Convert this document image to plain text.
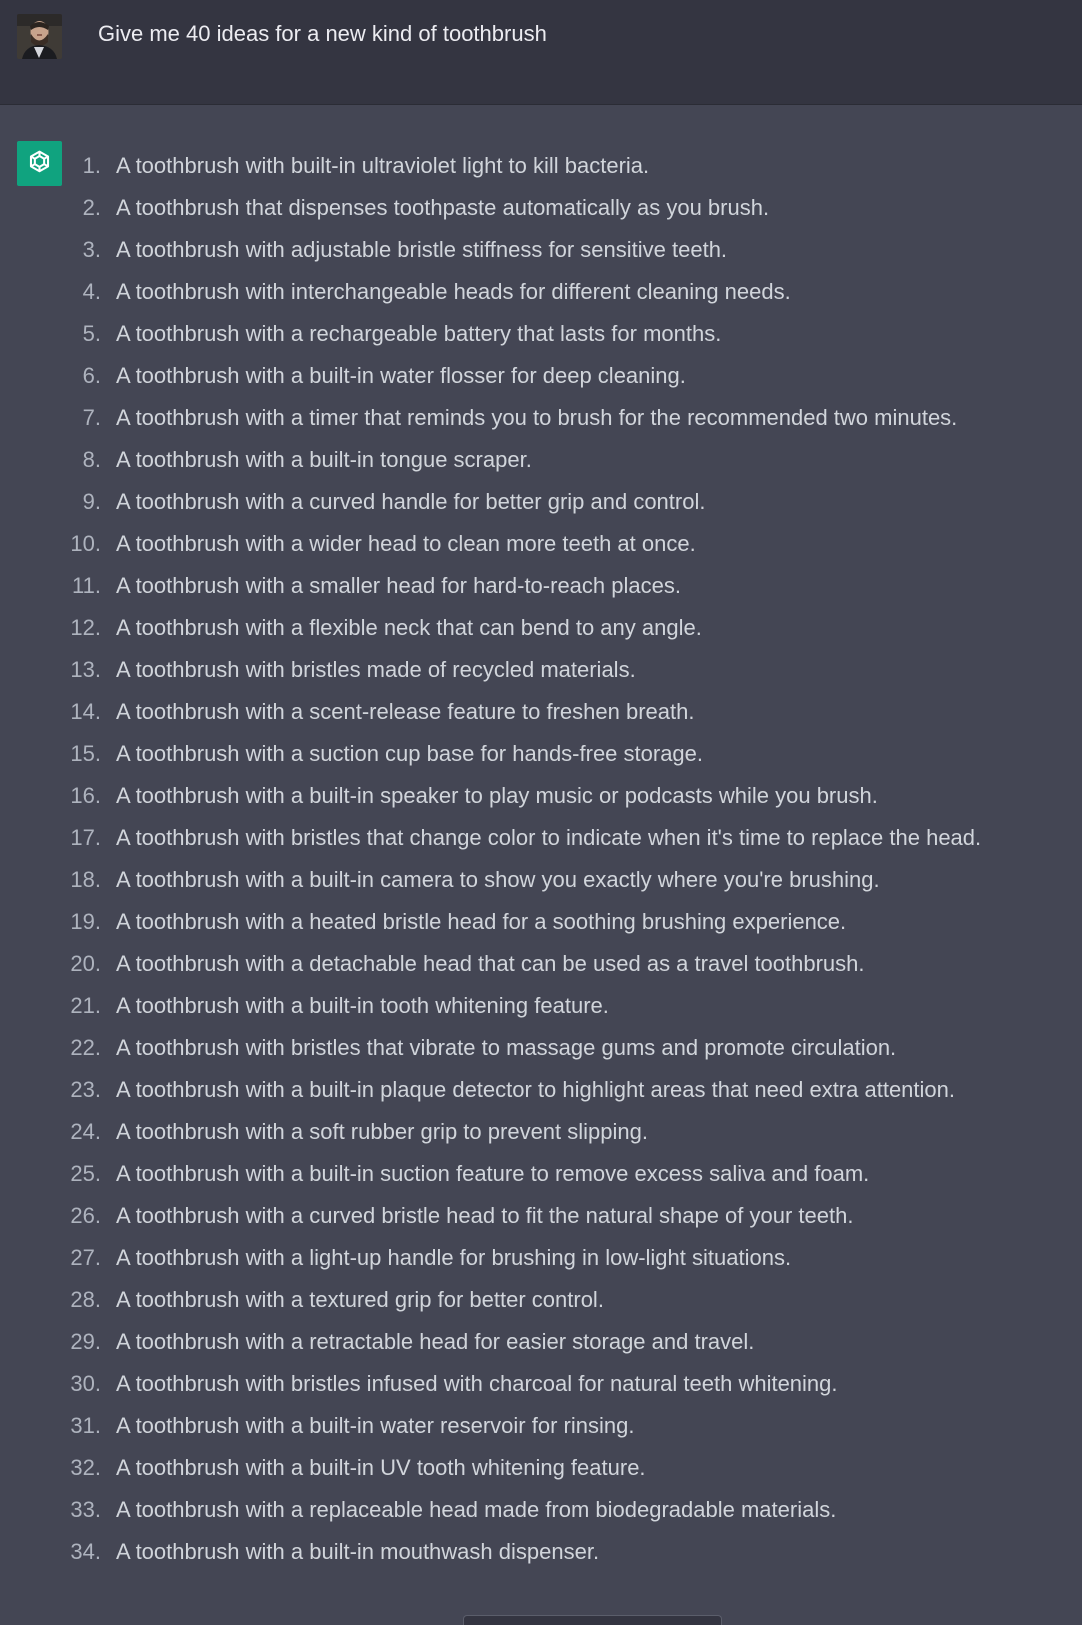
Give me 40 ideas for a new kind of toothbrush
1. A toothbrush with built-in ultraviolet light to kill bacteria.
2. A toothbrush that dispenses toothpaste automatically as you brush.
3. A toothbrush with adjustable bristle stiffness for sensitive teeth.
4. A toothbrush with interchangeable heads for different cleaning needs.
5. A toothbrush with a rechargeable battery that lasts for months.
6. A toothbrush with a built-in water flosser for deep cleaning.
7. A toothbrush with a timer that reminds you to brush for the recommended two minutes.
8. A toothbrush with a built-in tongue scraper.
9. A toothbrush with a curved handle for better grip and control.
10. A toothbrush with a wider head to clean more teeth at once.
11. A toothbrush with a smaller head for hard-to-reach places.
12. A toothbrush with a flexible neck that can bend to any angle.
13. A toothbrush with bristles made of recycled materials.
14. A toothbrush with a scent-release feature to freshen breath.
15. A toothbrush with a suction cup base for hands-free storage.
16. A toothbrush with a built-in speaker to play music or podcasts while you brush.
17. A toothbrush with bristles that change color to indicate when it's time to replace the head.
18. A toothbrush with a built-in camera to show you exactly where you're brushing.
19. A toothbrush with a heated bristle head for a soothing brushing experience.
20. A toothbrush with a detachable head that can be used as a travel toothbrush.
21. A toothbrush with a built-in tooth whitening feature.
22. A toothbrush with bristles that vibrate to massage gums and promote circulation.
23. A toothbrush with a built-in plaque detector to highlight areas that need extra attention.
24. A toothbrush with a soft rubber grip to prevent slipping.
25. A toothbrush with a built-in suction feature to remove excess saliva and foam.
26. A toothbrush with a curved bristle head to fit the natural shape of your teeth.
27. A toothbrush with a light-up handle for brushing in low-light situations.
28. A toothbrush with a textured grip for better control.
29. A toothbrush with a retractable head for easier storage and travel.
30. A toothbrush with bristles infused with charcoal for natural teeth whitening.
31. A toothbrush with a built-in water reservoir for rinsing.
32. A toothbrush with a built-in UV tooth whitening feature.
33. A toothbrush with a replaceable head made from biodegradable materials.
34. A toothbrush with a built-in mouthwash dispenser.
